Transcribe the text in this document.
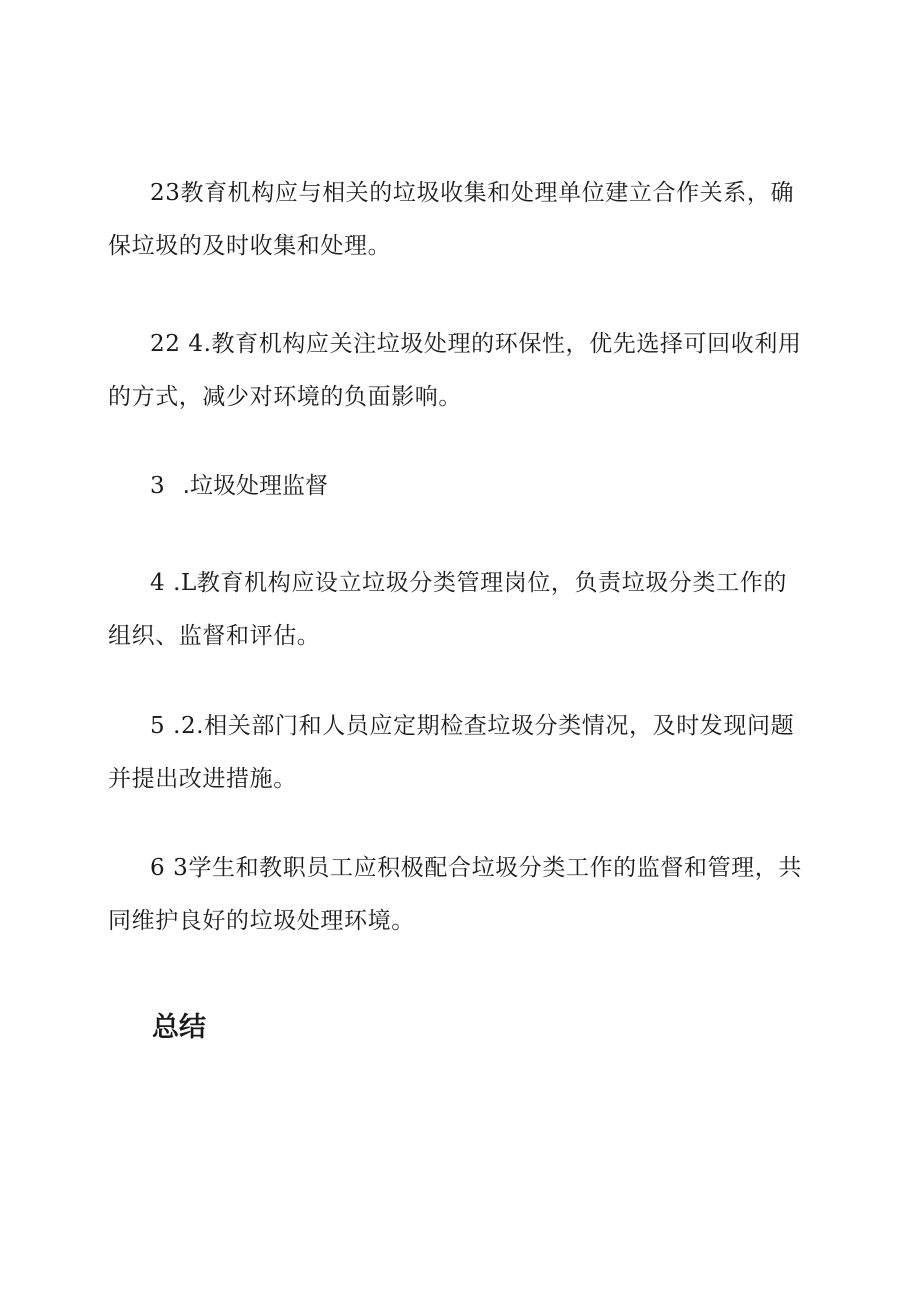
23教育机构应与相关的垃圾收集和处理单位建立合作关系，确保垃圾的及时收集和处理。

22 4.教育机构应关注垃圾处理的环保性，优先选择可回收利用的方式，减少对环境的负面影响。

3 .垃圾处理监督

4 .L教育机构应设立垃圾分类管理岗位，负责垃圾分类工作的组织、监督和评估。

5 .2.相关部门和人员应定期检查垃圾分类情况，及时发现问题并提出改进措施。

6 3学生和教职员工应积极配合垃圾分类工作的监督和管理，共同维护良好的垃圾处理环境。

总结
